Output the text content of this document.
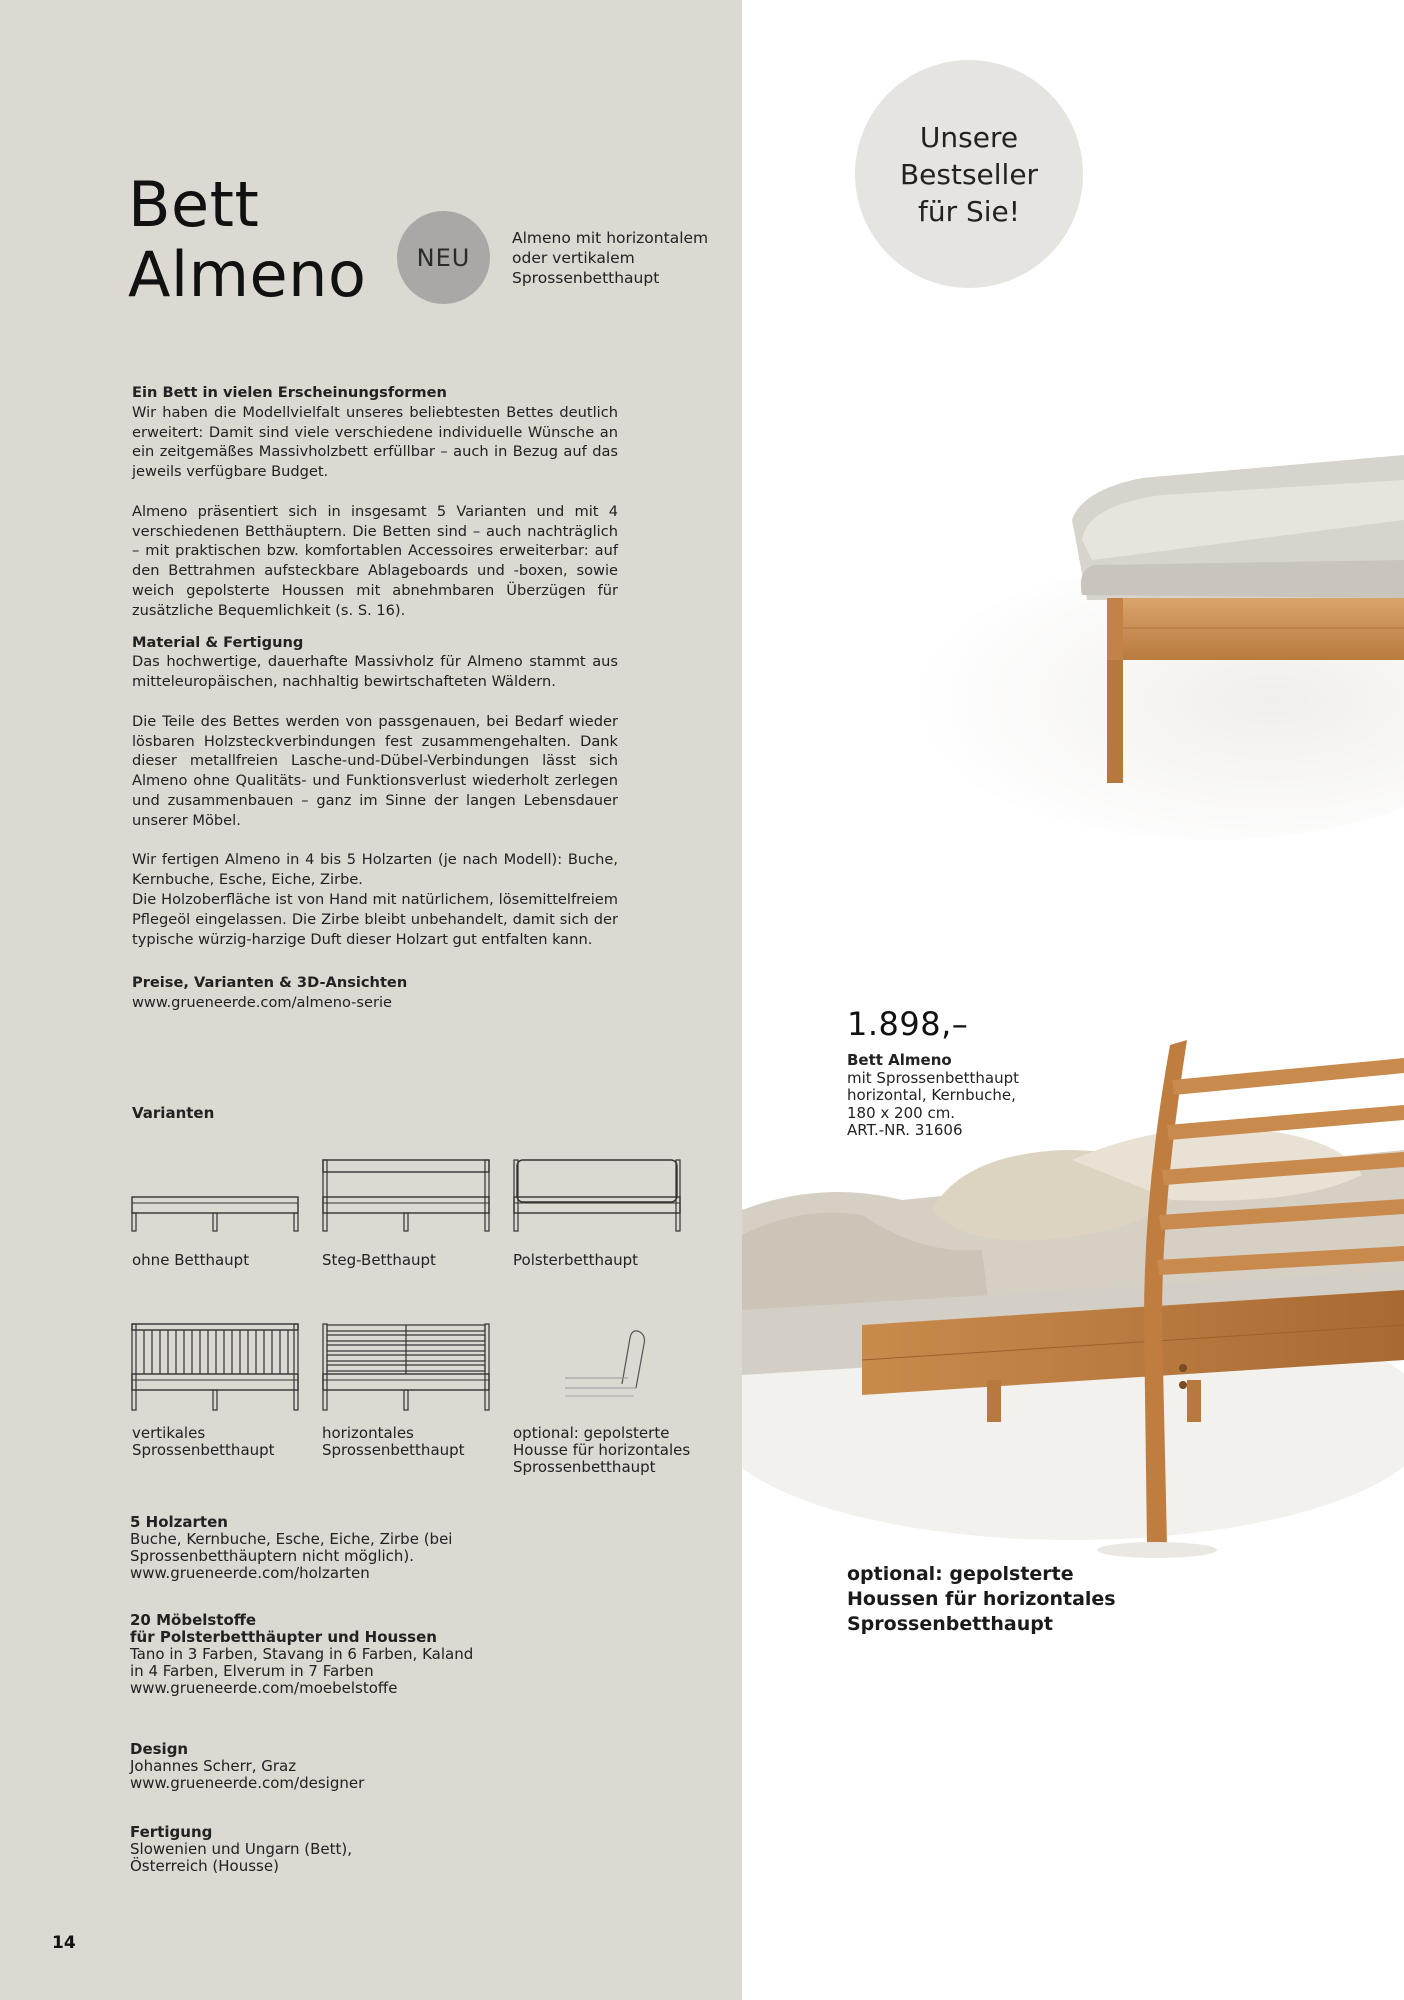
Bett
Almeno	NEU
Almeno mit horizontalem
oder vertikalem
Sprossenbetthaupt

Ein Bett in vielen Erscheinungsformen

Wir haben die Modellvielfalt unseres beliebtesten Bettes deutlich erweitert: Damit sind viele verschiedene individuelle Wünsche an ein zeitgemäßes Massivholzbett erfüllbar – auch in Bezug auf das jeweils verfügbare Budget.

Almeno präsentiert sich in insgesamt 5 Varianten und mit 4 verschiedenen Betthäuptern. Die Betten sind – auch nachträglich – mit praktischen bzw. komfortablen Accessoires erweiterbar: auf den Bettrahmen aufsteckbare Ablageboards und -boxen, sowie weich gepolsterte Houssen mit abnehmbaren Überzügen für zusätzliche Bequemlichkeit (s. S. 16).

Material & Fertigung

Das hochwertige, dauerhafte Massivholz für Almeno stammt aus mitteleuropäischen, nachhaltig bewirtschafteten Wäldern.

Die Teile des Bettes werden von passgenauen, bei Bedarf wieder lösbaren Holzsteckverbindungen fest zusammengehalten. Dank dieser metallfreien Lasche-und-Dübel-Verbindungen lässt sich Almeno ohne Qualitäts- und Funktionsverlust wiederholt zerlegen und zusammenbauen – ganz im Sinne der langen Lebensdauer unserer Möbel.

Wir fertigen Almeno in 4 bis 5 Holzarten (je nach Modell): Buche, Kernbuche, Esche, Eiche, Zirbe.

Die Holzoberfläche ist von Hand mit natürlichem, lösemittelfreiem Pflegeöl eingelassen. Die Zirbe bleibt unbehandelt, damit sich der typische würzig-harzige Duft dieser Holzart gut entfalten kann.

Preise, Varianten & 3D-Ansichten

www.grueneerde.com/almeno-serie

Varianten
ohne Betthaupt	Steg-Betthaupt	Polsterbetthaupt
vertikales Sprossenbetthaupt
horizontales Sprossenbetthaupt
optional: gepolsterte Housse für horizontales Sprossenbetthaupt
5 Holzarten
Buche, Kernbuche, Esche, Eiche, Zirbe (bei
Sprossenbetthäuptern nicht möglich).
www.grueneerde.com/holzarten
20 Möbelstoffe
für Polsterbetthäupter und Houssen
Tano in 3 Farben, Stavang in 6 Farben, Kaland
in 4 Farben, Elverum in 7 Farben
www.grueneerde.com/moebelstoffe
Design
Johannes Scherr, Graz
www.grueneerde.com/designer
Fertigung
Slowenien und Ungarn (Bett),
Österreich (Housse)
14
Unsere
Bestseller
für Sie!
1.898,–
Bett Almeno
mit Sprossenbetthaupt
horizontal, Kernbuche,
180 x 200 cm.
ART.-NR. 31606
optional: gepolsterte
Houssen für horizontales
Sprossenbetthaupt
